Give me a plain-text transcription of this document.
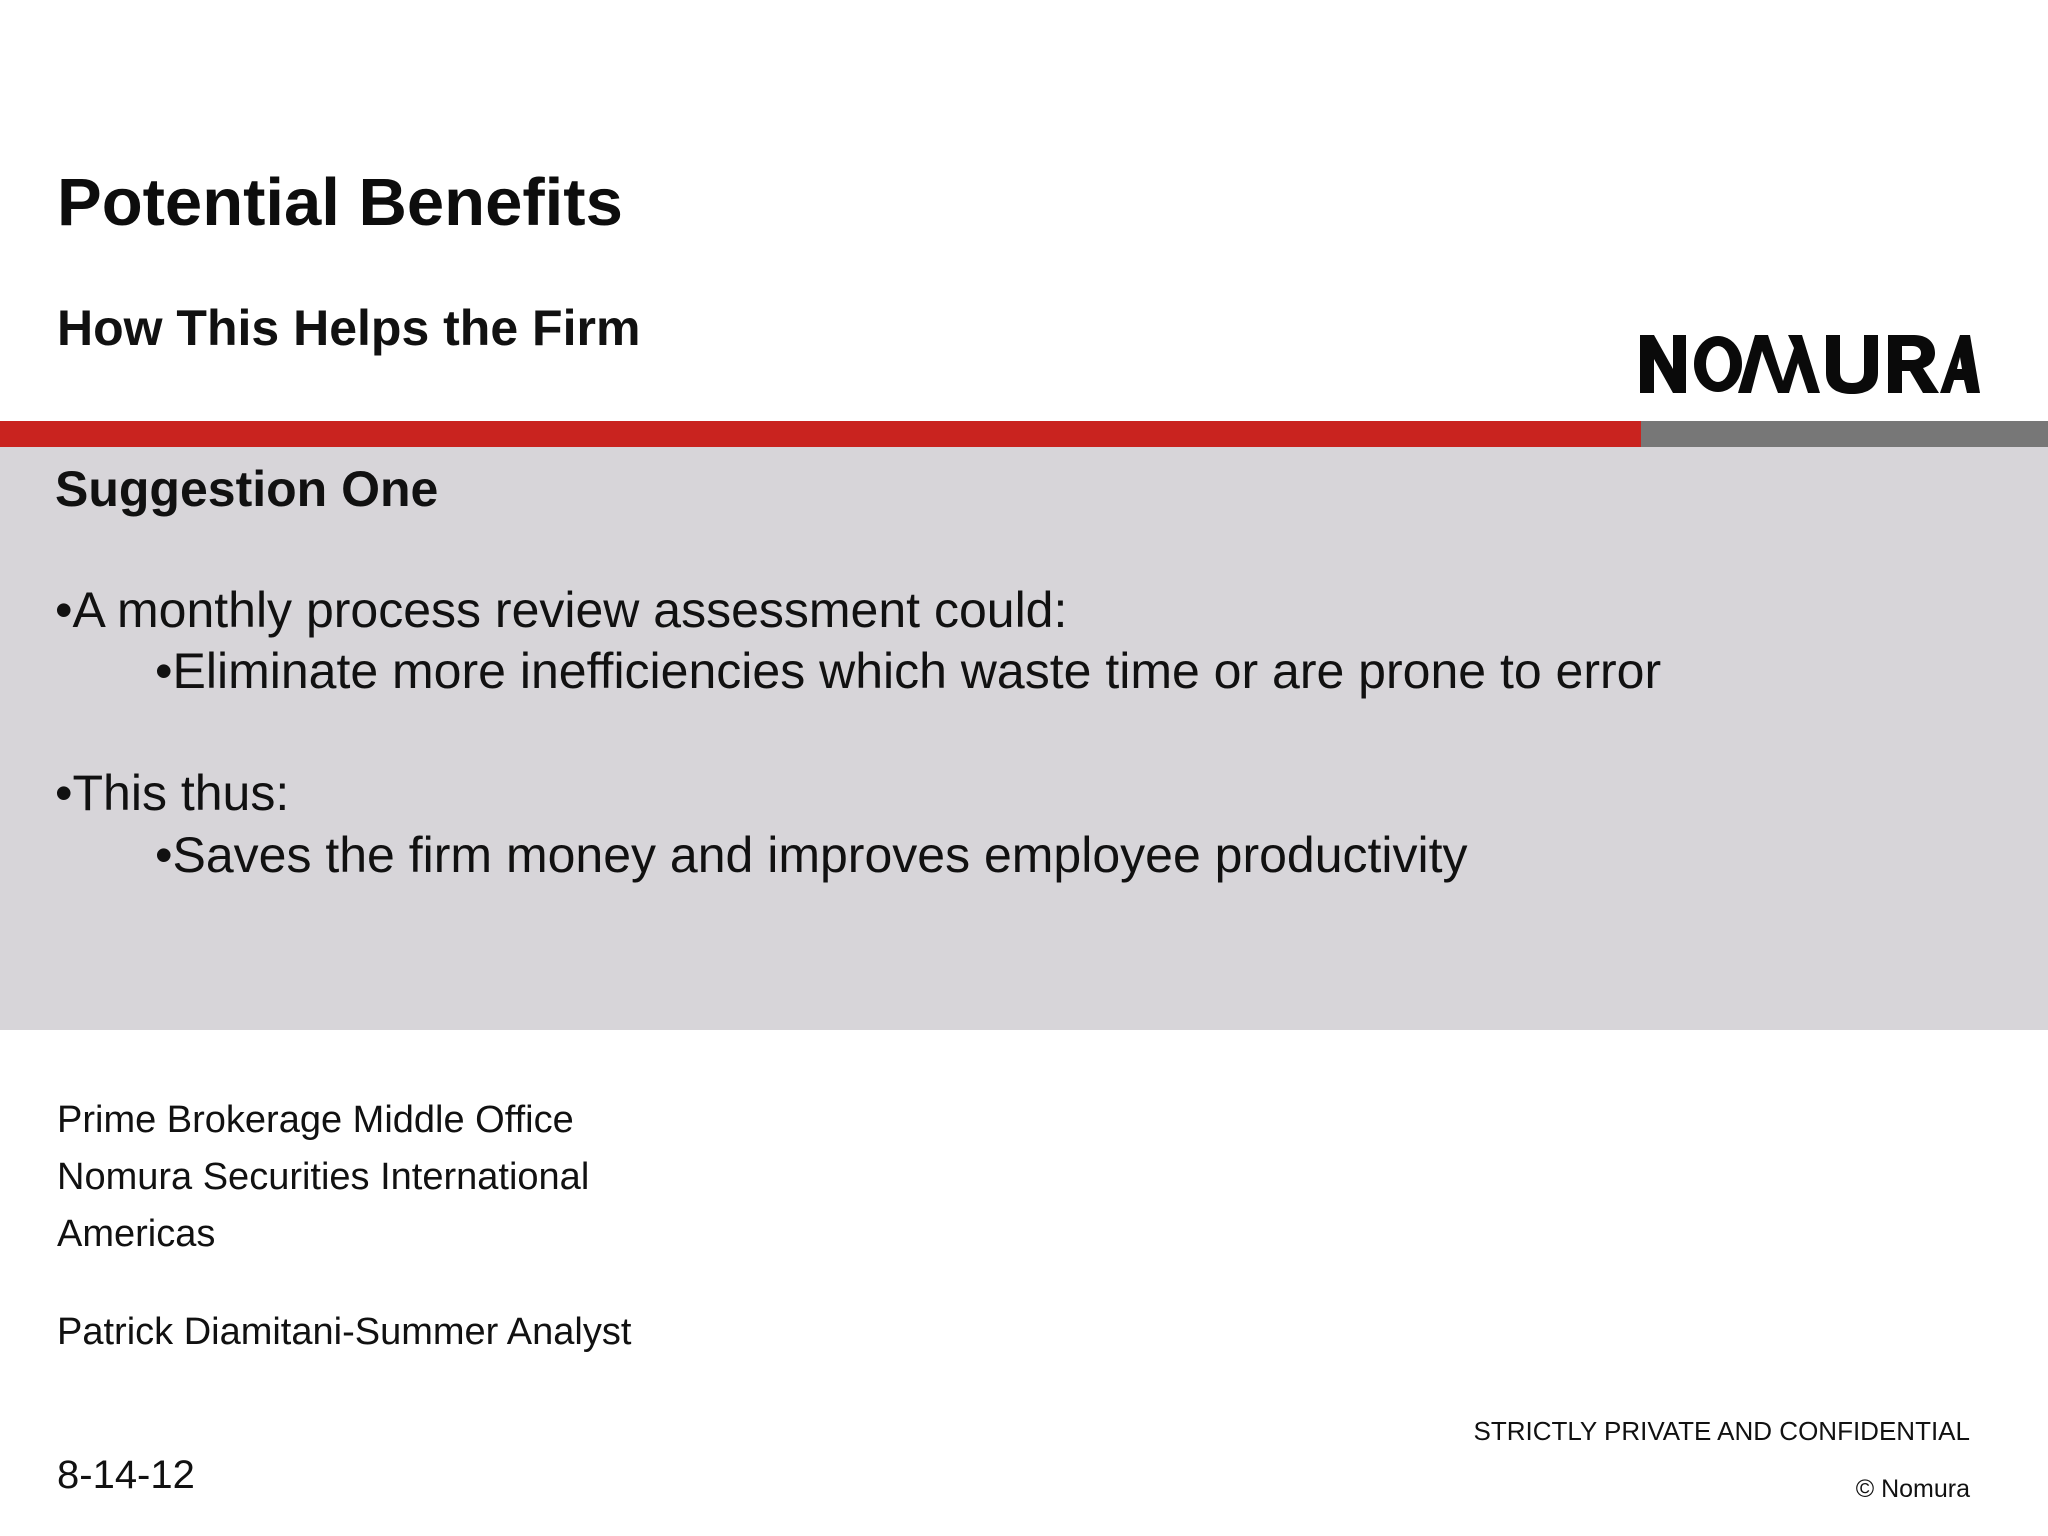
Potential Benefits
How This Helps the Firm
Suggestion One

•A monthly process review assessment could:

•Eliminate more inefficiencies which waste time or are prone to error

•This thus:

•Saves the firm money and improves employee productivity

Prime Brokerage Middle Office

Nomura Securities International

Americas

Patrick Diamitani-Summer Analyst

STRICTLY PRIVATE AND CONFIDENTIAL

© Nomura

8-14-12
